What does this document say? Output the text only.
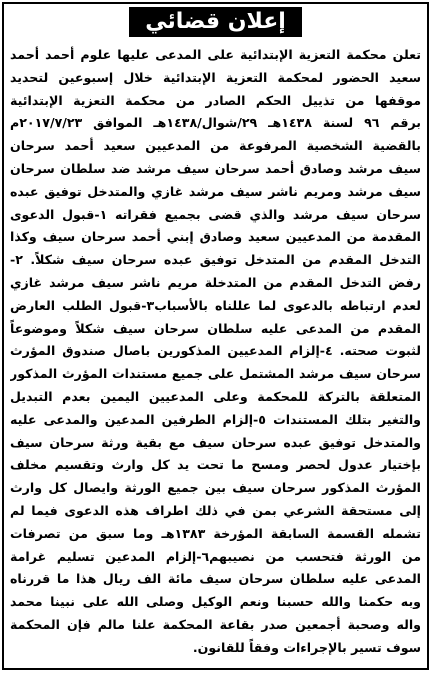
إعلان قضائي
تعلن محكمة التعزية الإبتدائية على المدعى عليها علوم أحمد أحمد
سعيد الحضور لمحكمة التعزية الإبتدائية خلال إسبوعين لتحديد
موقفها من تذييل الحكم الصادر من محكمة التعزية الإبتدائية
برقم ٩٦ لسنة ١٤٣٨هـ ٢٩/شوال/١٤٣٨هـ الموافق ٢٠١٧/٧/٢٣م
بالقضية الشخصية المرفوعة من المدعيين سعيد أحمد سرحان
سيف مرشد وصادق أحمد سرحان سيف مرشد ضد سلطان سرحان
سيف مرشد ومريم ناشر سيف مرشد غازي والمتدخل توفيق عبده
سرحان سيف مرشد والذي قضى بجميع فقراته ١-قبول الدعوى
المقدمة من المدعيين سعيد وصادق إبني أحمد سرحان سيف وكذا
التدخل المقدم من المتدخل توفيق عبده سرحان سيف شكلاً. ٢-
رفض التدخل المقدم من المتدخلة مريم ناشر سيف مرشد غازي
لعدم ارتباطه بالدعوى لما عللناه بالأسباب٣-قبول الطلب العارض
المقدم من المدعى عليه سلطان سرحان سيف شكلاً وموضوعاً
لثبوت صحته. ٤-إلزام المدعيين المذكورين باصال صندوق المؤرث
سرحان سيف مرشد المشتمل على جميع مستندات المؤرث المذكور
المتعلقة بالتركة للمحكمة وعلى المدعيين اليمين بعدم التبديل
والتغير بتلك المستندات ٥-إلزام الطرفين المدعين والمدعى عليه
والمتدخل توفيق عبده سرحان سيف مع بقية ورثة سرحان سيف
بإختيار عدول لحصر ومسح ما تحت يد كل وارث وتقسيم مخلف
المؤرث المذكور سرحان سيف بين جميع الورثة وايصال كل وارث
إلى مستحقة الشرعي بمن في ذلك اطراف هذه الدعوى فيما لم
تشمله القسمة السابقة المؤرخة ١٣٨٣هـ وما سبق من تصرفات
من الورثة فتحسب من نصيبهم٦-إلزام المدعين تسليم غرامة
المدعى عليه سلطان سرحان سيف مائة الف ريال هذا ما قررناه
وبه حكمنا والله حسبنا ونعم الوكيل وصلى الله على نبينا محمد
واله وصحبة أجمعين صدر بقاعة المحكمة علنا مالم فإن المحكمة
سوف تسير بالإجراءات وفقاً للقانون.
